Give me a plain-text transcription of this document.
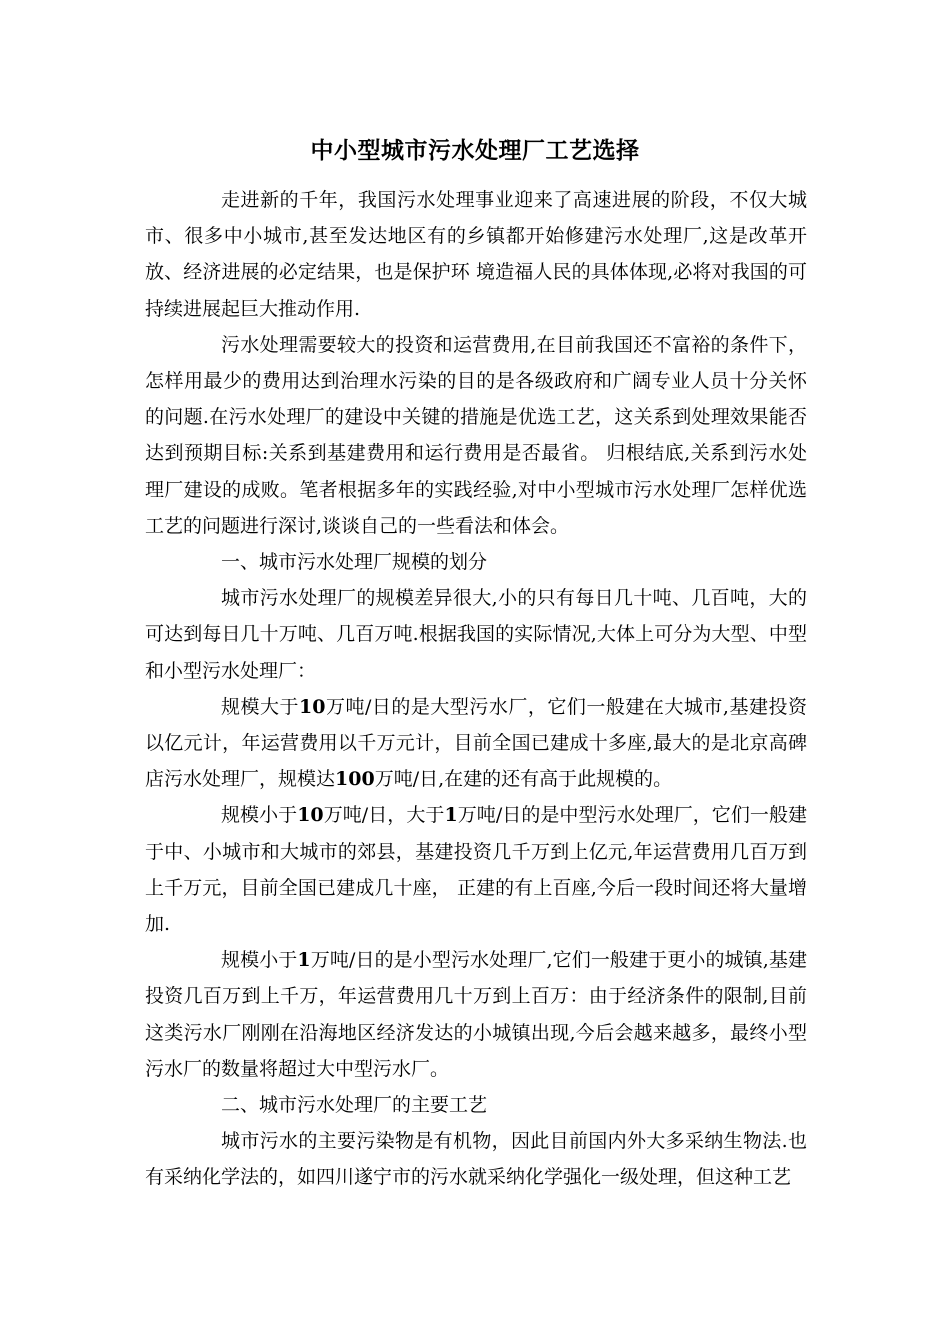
中小型城市污水处理厂工艺选择

走进新的千年，我国污水处理事业迎来了高速进展的阶段，不仅大城市、很多中小城市,甚至发达地区有的乡镇都开始修建污水处理厂,这是改革开放、经济进展的必定结果，也是保护环 境造福人民的具体体现,必将对我国的可持续进展起巨大推动作用.

污水处理需要较大的投资和运营费用,在目前我国还不富裕的条件下，怎样用最少的费用达到治理水污染的目的是各级政府和广阔专业人员十分关怀的问题.在污水处理厂的建设中关键的措施是优选工艺，这关系到处理效果能否达到预期目标:关系到基建费用和运行费用是否最省。 归根结底,关系到污水处理厂建设的成败。笔者根据多年的实践经验,对中小型城市污水处理厂怎样优选工艺的问题进行深讨,谈谈自己的一些看法和体会。

一、城市污水处理厂规模的划分

城市污水处理厂的规模差异很大,小的只有每日几十吨、几百吨，大的可达到每日几十万吨、几百万吨.根据我国的实际情况,大体上可分为大型、中型和小型污水处理厂：

规模大于10万吨/日的是大型污水厂，它们一般建在大城市,基建投资以亿元计，年运营费用以千万元计，目前全国已建成十多座,最大的是北京高碑店污水处理厂，规模达100万吨/日,在建的还有高于此规模的。

规模小于10万吨/日，大于1万吨/日的是中型污水处理厂，它们一般建于中、小城市和大城市的郊县，基建投资几千万到上亿元,年运营费用几百万到上千万元，目前全国已建成几十座， 正建的有上百座,今后一段时间还将大量增加.

规模小于1万吨/日的是小型污水处理厂,它们一般建于更小的城镇,基建投资几百万到上千万，年运营费用几十万到上百万：由于经济条件的限制,目前这类污水厂刚刚在沿海地区经济发达的小城镇出现,今后会越来越多，最终小型污水厂的数量将超过大中型污水厂。

二、城市污水处理厂的主要工艺

城市污水的主要污染物是有机物，因此目前国内外大多采纳生物法.也有采纳化学法的，如四川遂宁市的污水就采纳化学强化一级处理，但这种工艺
